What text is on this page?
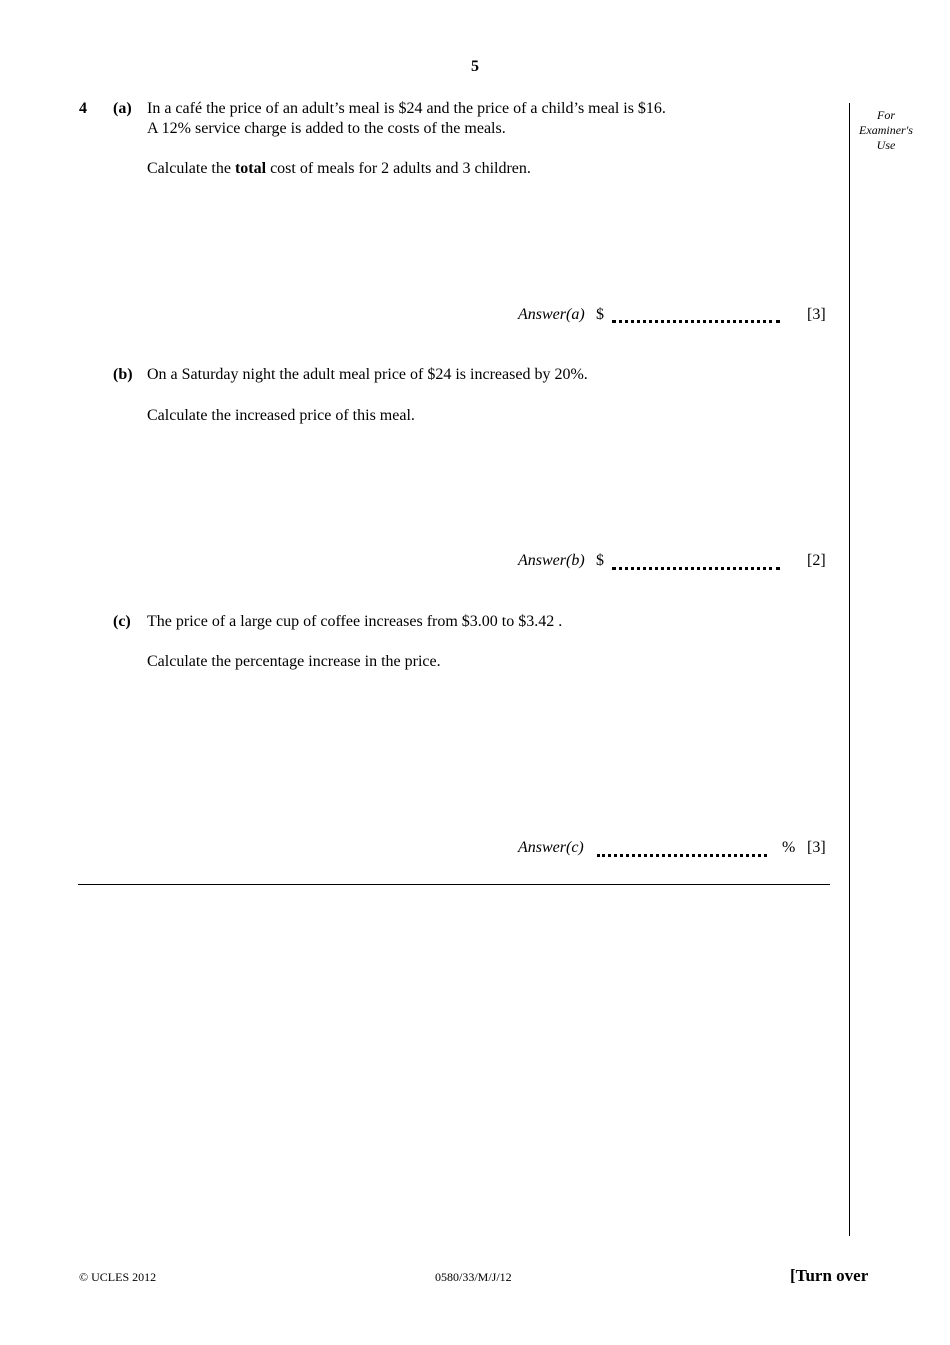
5
For
Examiner's
Use
4 (a) In a café the price of an adult’s meal is $24 and the price of a child’s meal is $16.
A 12% service charge is added to the costs of the meals.
Calculate the total cost of meals for 2 adults and 3 children.
Answer(a) $	[3]
(b) On a Saturday night the adult meal price of $24 is increased by 20%.
Calculate the increased price of this meal.
Answer(b) $	[2]
(c) The price of a large cup of coffee increases from $3.00 to $3.42 .
Calculate the percentage increase in the price.
Answer(c)	% [3]
© UCLES 2012	0580/33/M/J/12	[Turn over
